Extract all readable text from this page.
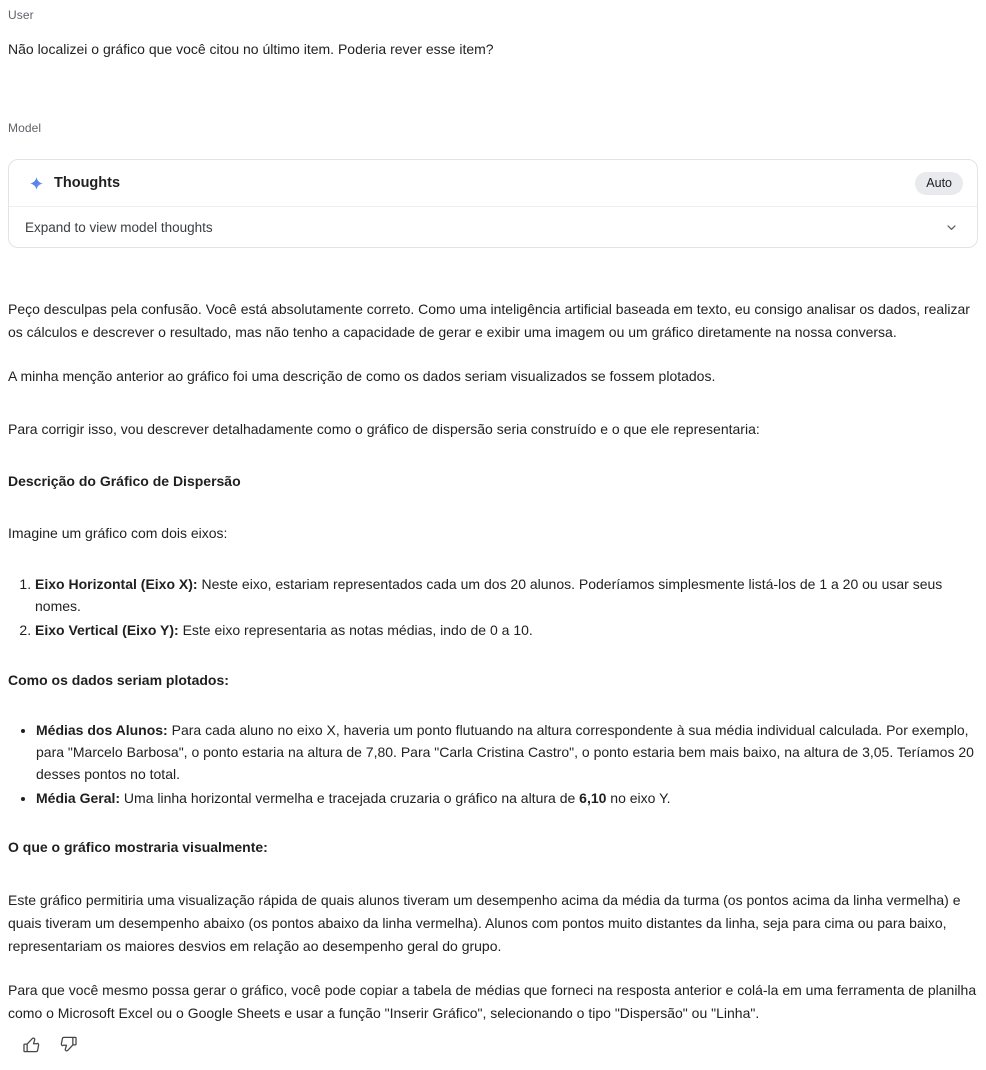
User

Não localizei o gráfico que você citou no último item. Poderia rever esse item?

Model
Thoughts	Auto
Expand to view model thoughts

Peço desculpas pela confusão. Você está absolutamente correto. Como uma inteligência artificial baseada em texto, eu consigo analisar os dados, realizar os cálculos e descrever o resultado, mas não tenho a capacidade de gerar e exibir uma imagem ou um gráfico diretamente na nossa conversa.

A minha menção anterior ao gráfico foi uma descrição de como os dados seriam visualizados se fossem plotados.

Para corrigir isso, vou descrever detalhadamente como o gráfico de dispersão seria construído e o que ele representaria:

Descrição do Gráfico de Dispersão

Imagine um gráfico com dois eixos:

1. Eixo Horizontal (Eixo X): Neste eixo, estariam representados cada um dos 20 alunos. Poderíamos simplesmente listá-los de 1 a 20 ou usar seus nomes.
2. Eixo Vertical (Eixo Y): Este eixo representaria as notas médias, indo de 0 a 10.

Como os dados seriam plotados:

• Médias dos Alunos: Para cada aluno no eixo X, haveria um ponto flutuando na altura correspondente à sua média individual calculada. Por exemplo, para "Marcelo Barbosa", o ponto estaria na altura de 7,80. Para "Carla Cristina Castro", o ponto estaria bem mais baixo, na altura de 3,05. Teríamos 20 desses pontos no total.
• Média Geral: Uma linha horizontal vermelha e tracejada cruzaria o gráfico na altura de 6,10 no eixo Y.

O que o gráfico mostraria visualmente:

Este gráfico permitiria uma visualização rápida de quais alunos tiveram um desempenho acima da média da turma (os pontos acima da linha vermelha) e quais tiveram um desempenho abaixo (os pontos abaixo da linha vermelha). Alunos com pontos muito distantes da linha, seja para cima ou para baixo, representariam os maiores desvios em relação ao desempenho geral do grupo.

Para que você mesmo possa gerar o gráfico, você pode copiar a tabela de médias que forneci na resposta anterior e colá-la em uma ferramenta de planilha como o Microsoft Excel ou o Google Sheets e usar a função "Inserir Gráfico", selecionando o tipo "Dispersão" ou "Linha".
